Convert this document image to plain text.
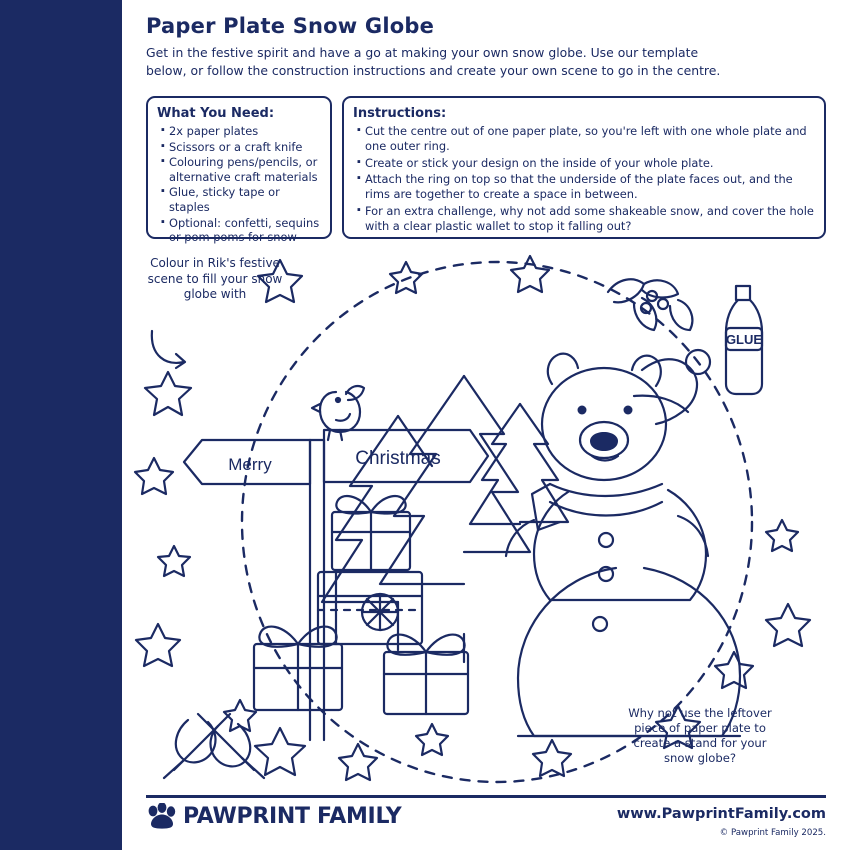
Paper Plate Snow Globe
Get in the festive spirit and have a go at making your own snow globe. Use our template below, or follow the construction instructions and create your own scene to go in the centre.
What You Need:
· 2x paper plates
· Scissors or a craft knife
· Colouring pens/pencils, or alternative craft materials
· Glue, sticky tape or staples
· Optional: confetti, sequins or pom poms for snow
Instructions:
· Cut the centre out of one paper plate, so you're left with one whole plate and one outer ring.
· Create or stick your design on the inside of your whole plate.
· Attach the ring on top so that the underside of the plate faces out, and the rims are together to create a space in between.
· For an extra challenge, why not add some shakeable snow, and cover the hole with a clear plastic wallet to stop it falling out?
Colour in Rik's festive scene to fill your snow globe with
Why not use the leftover piece of paper plate to create a stand for your snow globe?
GLUE
Merry	Christmas
PAWPRINT FAMILY	www.PawprintFamily.com
© Pawprint Family 2025.
